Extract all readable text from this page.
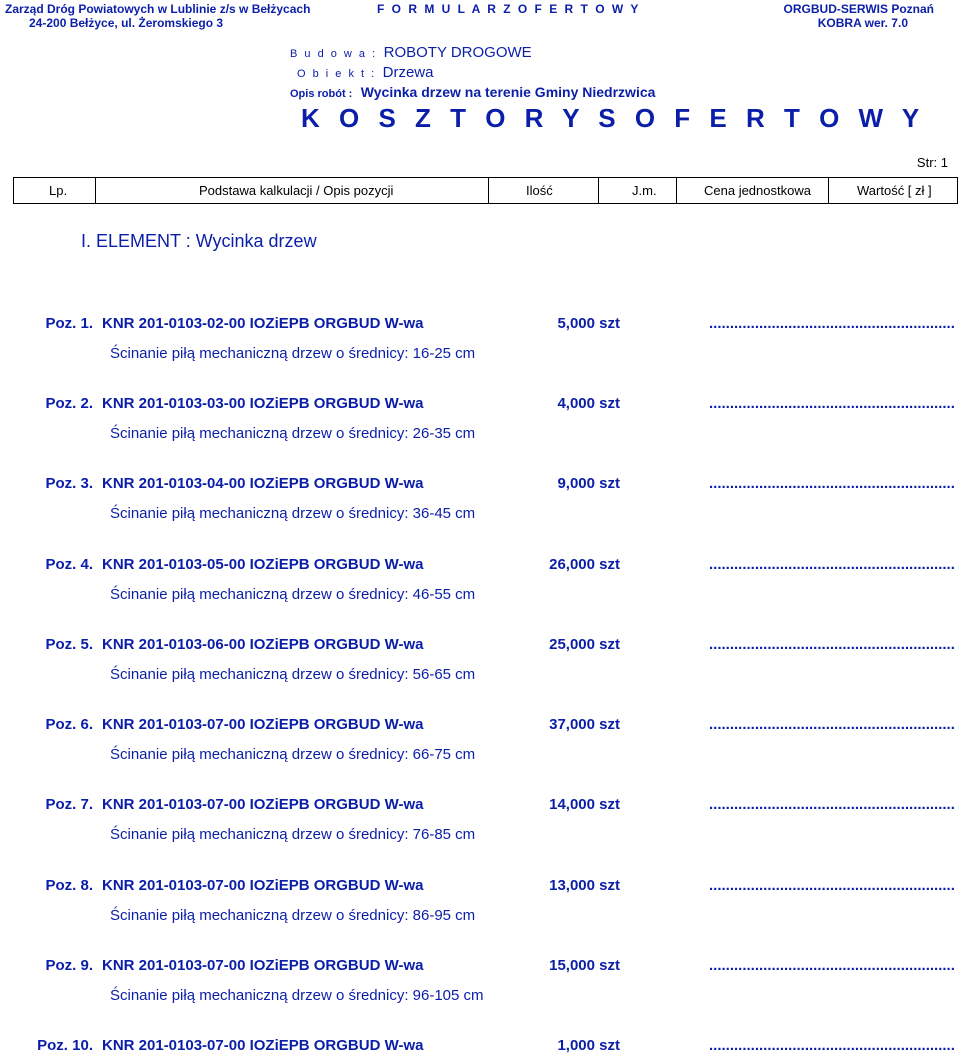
Zarząd Dróg Powiatowych w Lublinie z/s w Bełżycach
24-200 Bełżyce, ul. Żeromskiego 3
F O R M U L A R Z O F E R T O W Y	ORGBUD-SERWIS Poznań
KOBRA wer. 7.0
B u d o w a : ROBOTY DROGOWE
O b i e k t : Drzewa
Opis robót : Wycinka drzew na terenie Gminy Niedrzwica
K O S Z T O R Y S O F E R T O W Y
Str: 1
Lp.	Podstawa kalkulacji / Opis pozycji	Ilość	J.m.	Cena jednostkowa	Wartość [ zł ]
I. ELEMENT : Wycinka drzew
Poz. 1. KNR 201-0103-02-00 IOZiEPB ORGBUD W-wa	5,000 szt	...........................................................
Ścinanie piłą mechaniczną drzew o średnicy: 16-25 cm
Poz. 2. KNR 201-0103-03-00 IOZiEPB ORGBUD W-wa	4,000 szt	...........................................................
Ścinanie piłą mechaniczną drzew o średnicy: 26-35 cm
Poz. 3. KNR 201-0103-04-00 IOZiEPB ORGBUD W-wa	9,000 szt	...........................................................
Ścinanie piłą mechaniczną drzew o średnicy: 36-45 cm
Poz. 4. KNR 201-0103-05-00 IOZiEPB ORGBUD W-wa	26,000 szt	...........................................................
Ścinanie piłą mechaniczną drzew o średnicy: 46-55 cm
Poz. 5. KNR 201-0103-06-00 IOZiEPB ORGBUD W-wa	25,000 szt	...........................................................
Ścinanie piłą mechaniczną drzew o średnicy: 56-65 cm
Poz. 6. KNR 201-0103-07-00 IOZiEPB ORGBUD W-wa	37,000 szt	...........................................................
Ścinanie piłą mechaniczną drzew o średnicy: 66-75 cm
Poz. 7. KNR 201-0103-07-00 IOZiEPB ORGBUD W-wa	14,000 szt	...........................................................
Ścinanie piłą mechaniczną drzew o średnicy: 76-85 cm
Poz. 8. KNR 201-0103-07-00 IOZiEPB ORGBUD W-wa	13,000 szt	...........................................................
Ścinanie piłą mechaniczną drzew o średnicy: 86-95 cm
Poz. 9. KNR 201-0103-07-00 IOZiEPB ORGBUD W-wa	15,000 szt	...........................................................
Ścinanie piłą mechaniczną drzew o średnicy: 96-105 cm
Poz. 10. KNR 201-0103-07-00 IOZiEPB ORGBUD W-wa	1,000 szt	...........................................................
